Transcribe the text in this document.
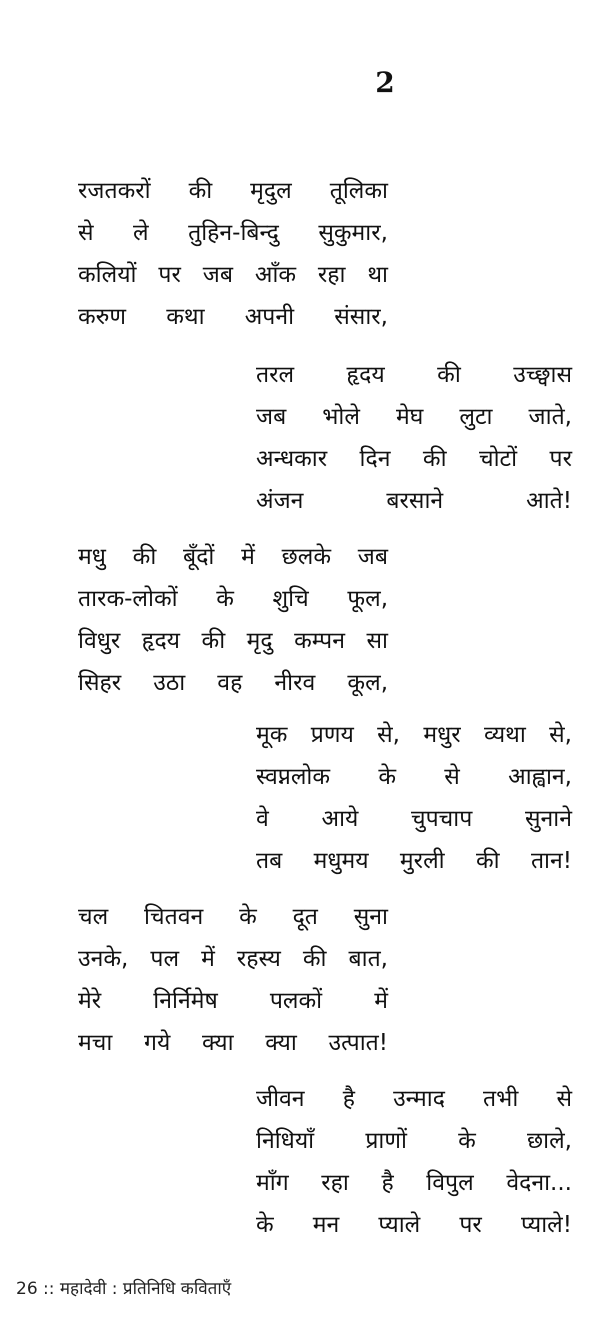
2
रजतकरों की मृदुल तूलिका
से ले तुहिन-बिन्दु सुकुमार,
कलियों पर जब आँक रहा था
करुण कथा अपनी संसार,
तरल हृदय की उच्छ्वास
जब भोले मेघ लुटा जाते,
अन्धकार दिन की चोटों पर
अंजन बरसाने आते!
मधु की बूँदों में छलके जब
तारक-लोकों के शुचि फूल,
विधुर हृदय की मृदु कम्पन सा
सिहर उठा वह नीरव कूल,
मूक प्रणय से, मधुर व्यथा से,
स्वप्नलोक के से आह्वान,
वे आये चुपचाप सुनाने
तब मधुमय मुरली की तान!
चल चितवन के दूत सुना
उनके, पल में रहस्य की बात,
मेरे निर्निमेष पलकों में
मचा गये क्या क्या उत्पात!
जीवन है उन्माद तभी से
निधियाँ प्राणों के छाले,
माँग रहा है विपुल वेदना...
के मन प्याले पर प्याले!
26 :: महादेवी : प्रतिनिधि कविताएँ
